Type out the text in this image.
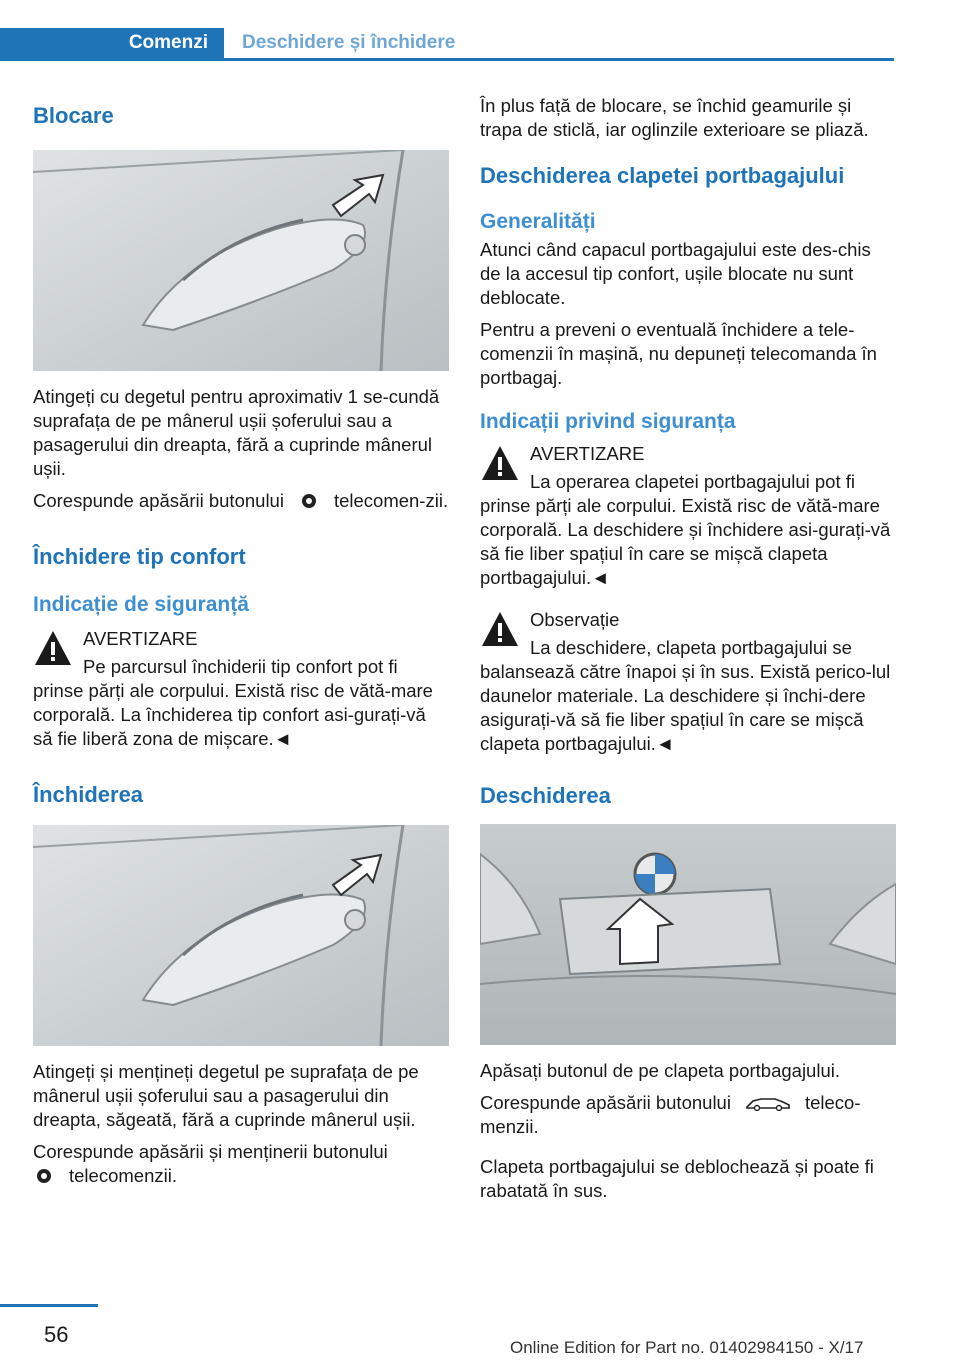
Comenzi	Deschidere și închidere
Blocare

Atingeți cu degetul pentru aproximativ 1 se-cundă suprafața de pe mânerul ușii șoferului sau a pasagerului din dreapta, fără a cuprinde mânerul ușii.

Corespunde apăsării butonului	telecomen-zii.

Închidere tip confort
Indicație de siguranță
AVERTIZARE

Pe parcursul închiderii tip confort pot fi prinse părți ale corpului. Există risc de vătă-mare corporală. La închiderea tip confort asi-gurați-vă să fie liberă zona de mișcare.◄

Închiderea

Atingeți și mențineți degetul pe suprafața de pe mânerul ușii șoferului sau a pasagerului din dreapta, săgeată, fără a cuprinde mânerul ușii.

Corespunde apăsării și menținerii butonului
telecomenzii.

În plus față de blocare, se închid geamurile și trapa de sticlă, iar oglinzile exterioare se pliază.

Deschiderea clapetei portbagajului
Generalități

Atunci când capacul portbagajului este des-chis de la accesul tip confort, ușile blocate nu sunt deblocate.

Pentru a preveni o eventuală închidere a tele-comenzii în mașină, nu depuneți telecomanda în portbagaj.

Indicații privind siguranța
AVERTIZARE

La operarea clapetei portbagajului pot fi prinse părți ale corpului. Există risc de vătă-mare corporală. La deschidere și închidere asi-gurați-vă să fie liber spațiul în care se mișcă clapeta portbagajului.◄

Observație

La deschidere, clapeta portbagajului se balansează către înapoi și în sus. Există perico-lul daunelor materiale. La deschidere și închi-dere asigurați-vă să fie liber spațiul în care se mișcă clapeta portbagajului.◄

Deschiderea

Apăsați butonul de pe clapeta portbagajului.

Corespunde apăsării butonului	teleco-menzii.

Clapeta portbagajului se deblochează și poate fi rabatată în sus.

56
Online Edition for Part no. 01402984150 - X/17
